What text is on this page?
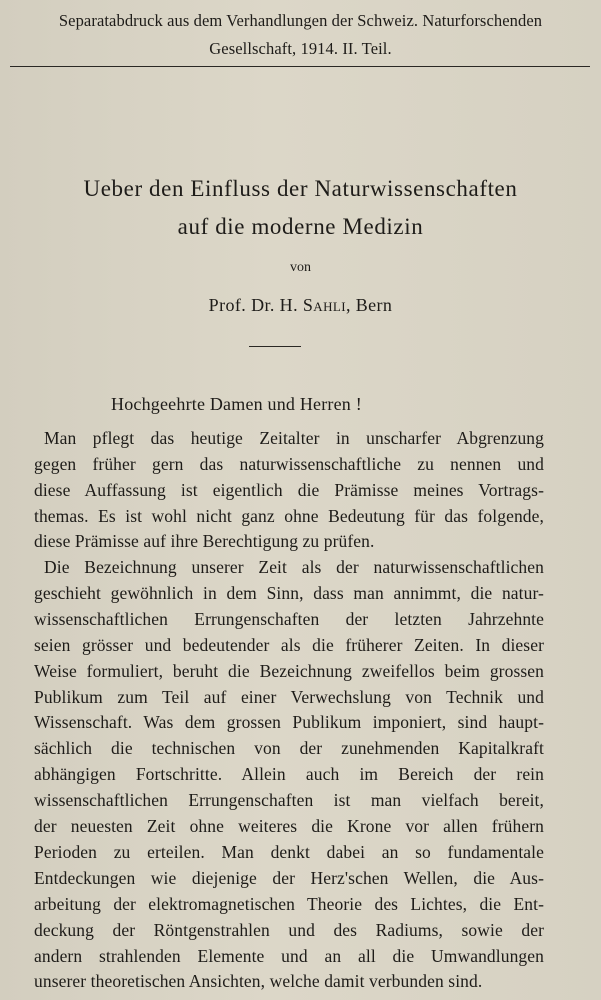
Separatabdruck aus dem Verhandlungen der Schweiz. Naturforschenden
Gesellschaft, 1914. II. Teil.
Ueber den Einfluss der Naturwissenschaften
auf die moderne Medizin
von
Prof. Dr. H. Sahli, Bern
Hochgeehrte Damen und Herren !
Man pflegt das heutige Zeitalter in unscharfer Abgrenzung
gegen früher gern das naturwissenschaftliche zu nennen und
diese Auffassung ist eigentlich die Prämisse meines Vortrags-
themas. Es ist wohl nicht ganz ohne Bedeutung für das folgende,
diese Prämisse auf ihre Berechtigung zu prüfen.
Die Bezeichnung unserer Zeit als der naturwissenschaftlichen
geschieht gewöhnlich in dem Sinn, dass man annimmt, die natur-
wissenschaftlichen Errungenschaften der letzten Jahrzehnte
seien grösser und bedeutender als die früherer Zeiten. In dieser
Weise formuliert, beruht die Bezeichnung zweifellos beim grossen
Publikum zum Teil auf einer Verwechslung von Technik und
Wissenschaft. Was dem grossen Publikum imponiert, sind haupt-
sächlich die technischen von der zunehmenden Kapitalkraft
abhängigen Fortschritte. Allein auch im Bereich der rein
wissenschaftlichen Errungenschaften ist man vielfach bereit,
der neuesten Zeit ohne weiteres die Krone vor allen frühern
Perioden zu erteilen. Man denkt dabei an so fundamentale
Entdeckungen wie diejenige der Herz'schen Wellen, die Aus-
arbeitung der elektromagnetischen Theorie des Lichtes, die Ent-
deckung der Röntgenstrahlen und des Radiums, sowie der
andern strahlenden Elemente und an all die Umwandlungen
unserer theoretischen Ansichten, welche damit verbunden sind.
